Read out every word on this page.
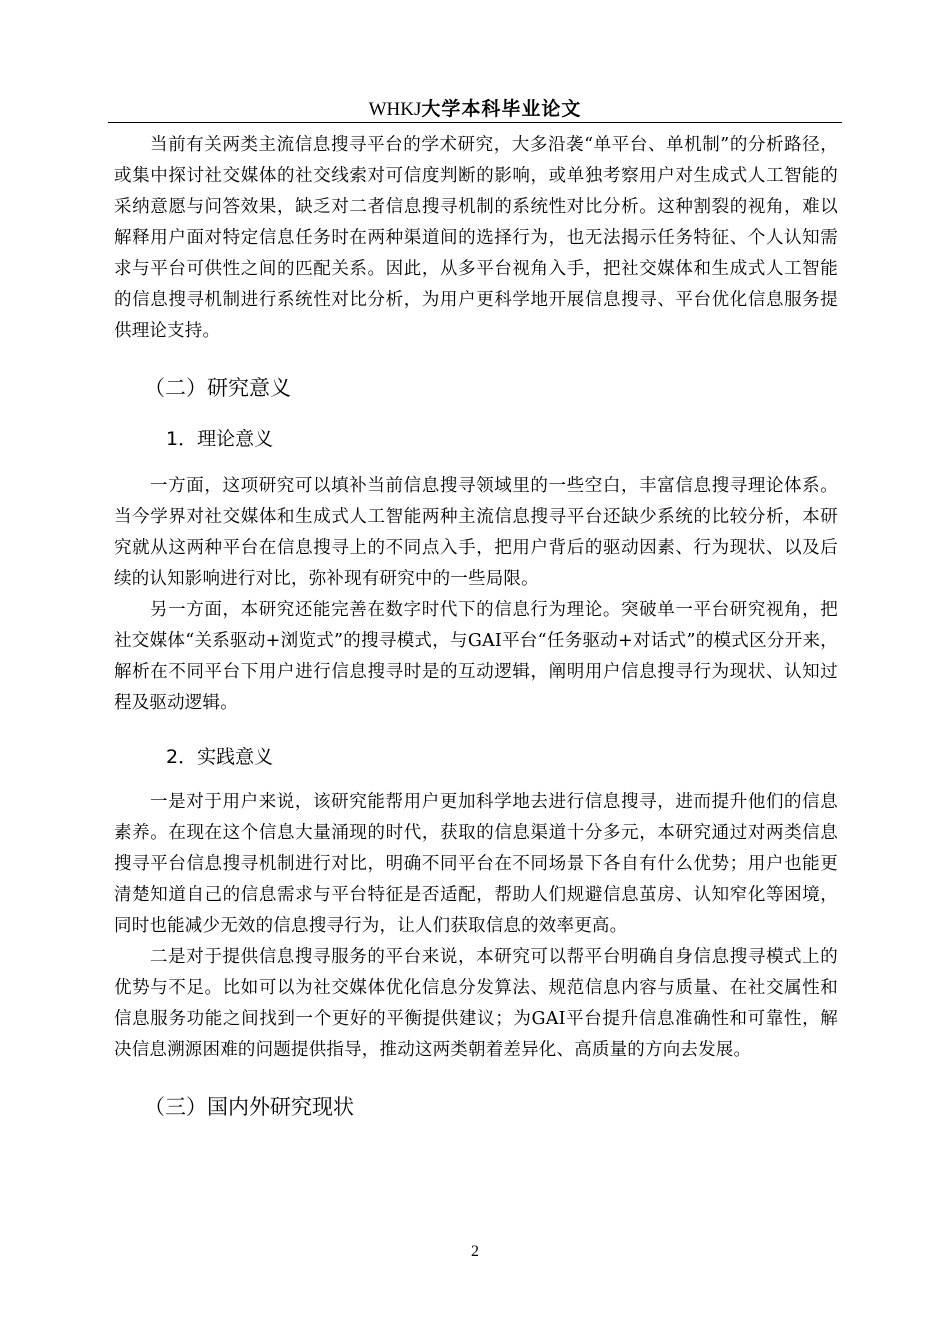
WHKJ大学本科毕业论文

当前有关两类主流信息搜寻平台的学术研究，大多沿袭“单平台、单机制”的分析路径，或集中探讨社交媒体的社交线索对可信度判断的影响，或单独考察用户对生成式人工智能的采纳意愿与问答效果，缺乏对二者信息搜寻机制的系统性对比分析。这种割裂的视角，难以解释用户面对特定信息任务时在两种渠道间的选择行为，也无法揭示任务特征、个人认知需求与平台可供性之间的匹配关系。因此，从多平台视角入手，把社交媒体和生成式人工智能的信息搜寻机制进行系统性对比分析，为用户更科学地开展信息搜寻、平台优化信息服务提供理论支持。

（二）研究意义
1．理论意义

一方面，这项研究可以填补当前信息搜寻领域里的一些空白，丰富信息搜寻理论体系。当今学界对社交媒体和生成式人工智能两种主流信息搜寻平台还缺少系统的比较分析，本研究就从这两种平台在信息搜寻上的不同点入手，把用户背后的驱动因素、行为现状、以及后续的认知影响进行对比，弥补现有研究中的一些局限。

另一方面，本研究还能完善在数字时代下的信息行为理论。突破单一平台研究视角，把社交媒体“关系驱动+浏览式”的搜寻模式，与GAI平台“任务驱动+对话式”的模式区分开来，解析在不同平台下用户进行信息搜寻时是的互动逻辑，阐明用户信息搜寻行为现状、认知过程及驱动逻辑。

2．实践意义

一是对于用户来说，该研究能帮用户更加科学地去进行信息搜寻，进而提升他们的信息素养。在现在这个信息大量涌现的时代，获取的信息渠道十分多元，本研究通过对两类信息搜寻平台信息搜寻机制进行对比，明确不同平台在不同场景下各自有什么优势；用户也能更清楚知道自己的信息需求与平台特征是否适配，帮助人们规避信息茧房、认知窄化等困境，同时也能减少无效的信息搜寻行为，让人们获取信息的效率更高。

二是对于提供信息搜寻服务的平台来说，本研究可以帮平台明确自身信息搜寻模式上的优势与不足。比如可以为社交媒体优化信息分发算法、规范信息内容与质量、在社交属性和信息服务功能之间找到一个更好的平衡提供建议；为GAI平台提升信息准确性和可靠性，解决信息溯源困难的问题提供指导，推动这两类朝着差异化、高质量的方向去发展。

（三）国内外研究现状
2
